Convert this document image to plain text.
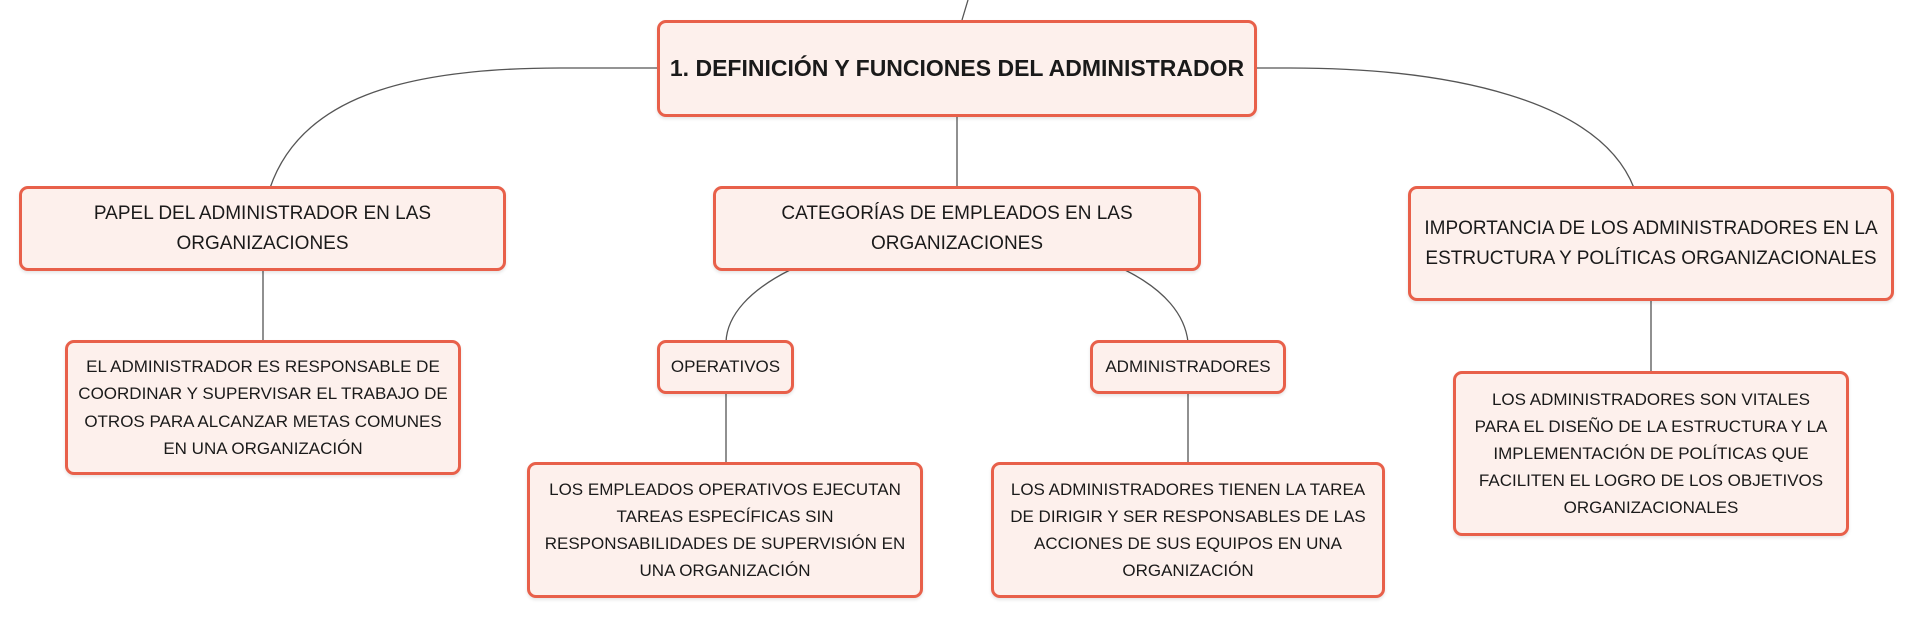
1. DEFINICIÓN Y FUNCIONES DEL ADMINISTRADOR
PAPEL DEL ADMINISTRADOR EN LAS ORGANIZACIONES
CATEGORÍAS DE EMPLEADOS EN LAS ORGANIZACIONES
IMPORTANCIA DE LOS ADMINISTRADORES EN LA ESTRUCTURA Y POLÍTICAS ORGANIZACIONALES
EL ADMINISTRADOR ES RESPONSABLE DE COORDINAR Y SUPERVISAR EL TRABAJO DE OTROS PARA ALCANZAR METAS COMUNES EN UNA ORGANIZACIÓN
OPERATIVOS	ADMINISTRADORES
LOS EMPLEADOS OPERATIVOS EJECUTAN TAREAS ESPECÍFICAS SIN RESPONSABILIDADES DE SUPERVISIÓN EN UNA ORGANIZACIÓN
LOS ADMINISTRADORES TIENEN LA TAREA DE DIRIGIR Y SER RESPONSABLES DE LAS ACCIONES DE SUS EQUIPOS EN UNA ORGANIZACIÓN
LOS ADMINISTRADORES SON VITALES PARA EL DISEÑO DE LA ESTRUCTURA Y LA IMPLEMENTACIÓN DE POLÍTICAS QUE FACILITEN EL LOGRO DE LOS OBJETIVOS ORGANIZACIONALES
